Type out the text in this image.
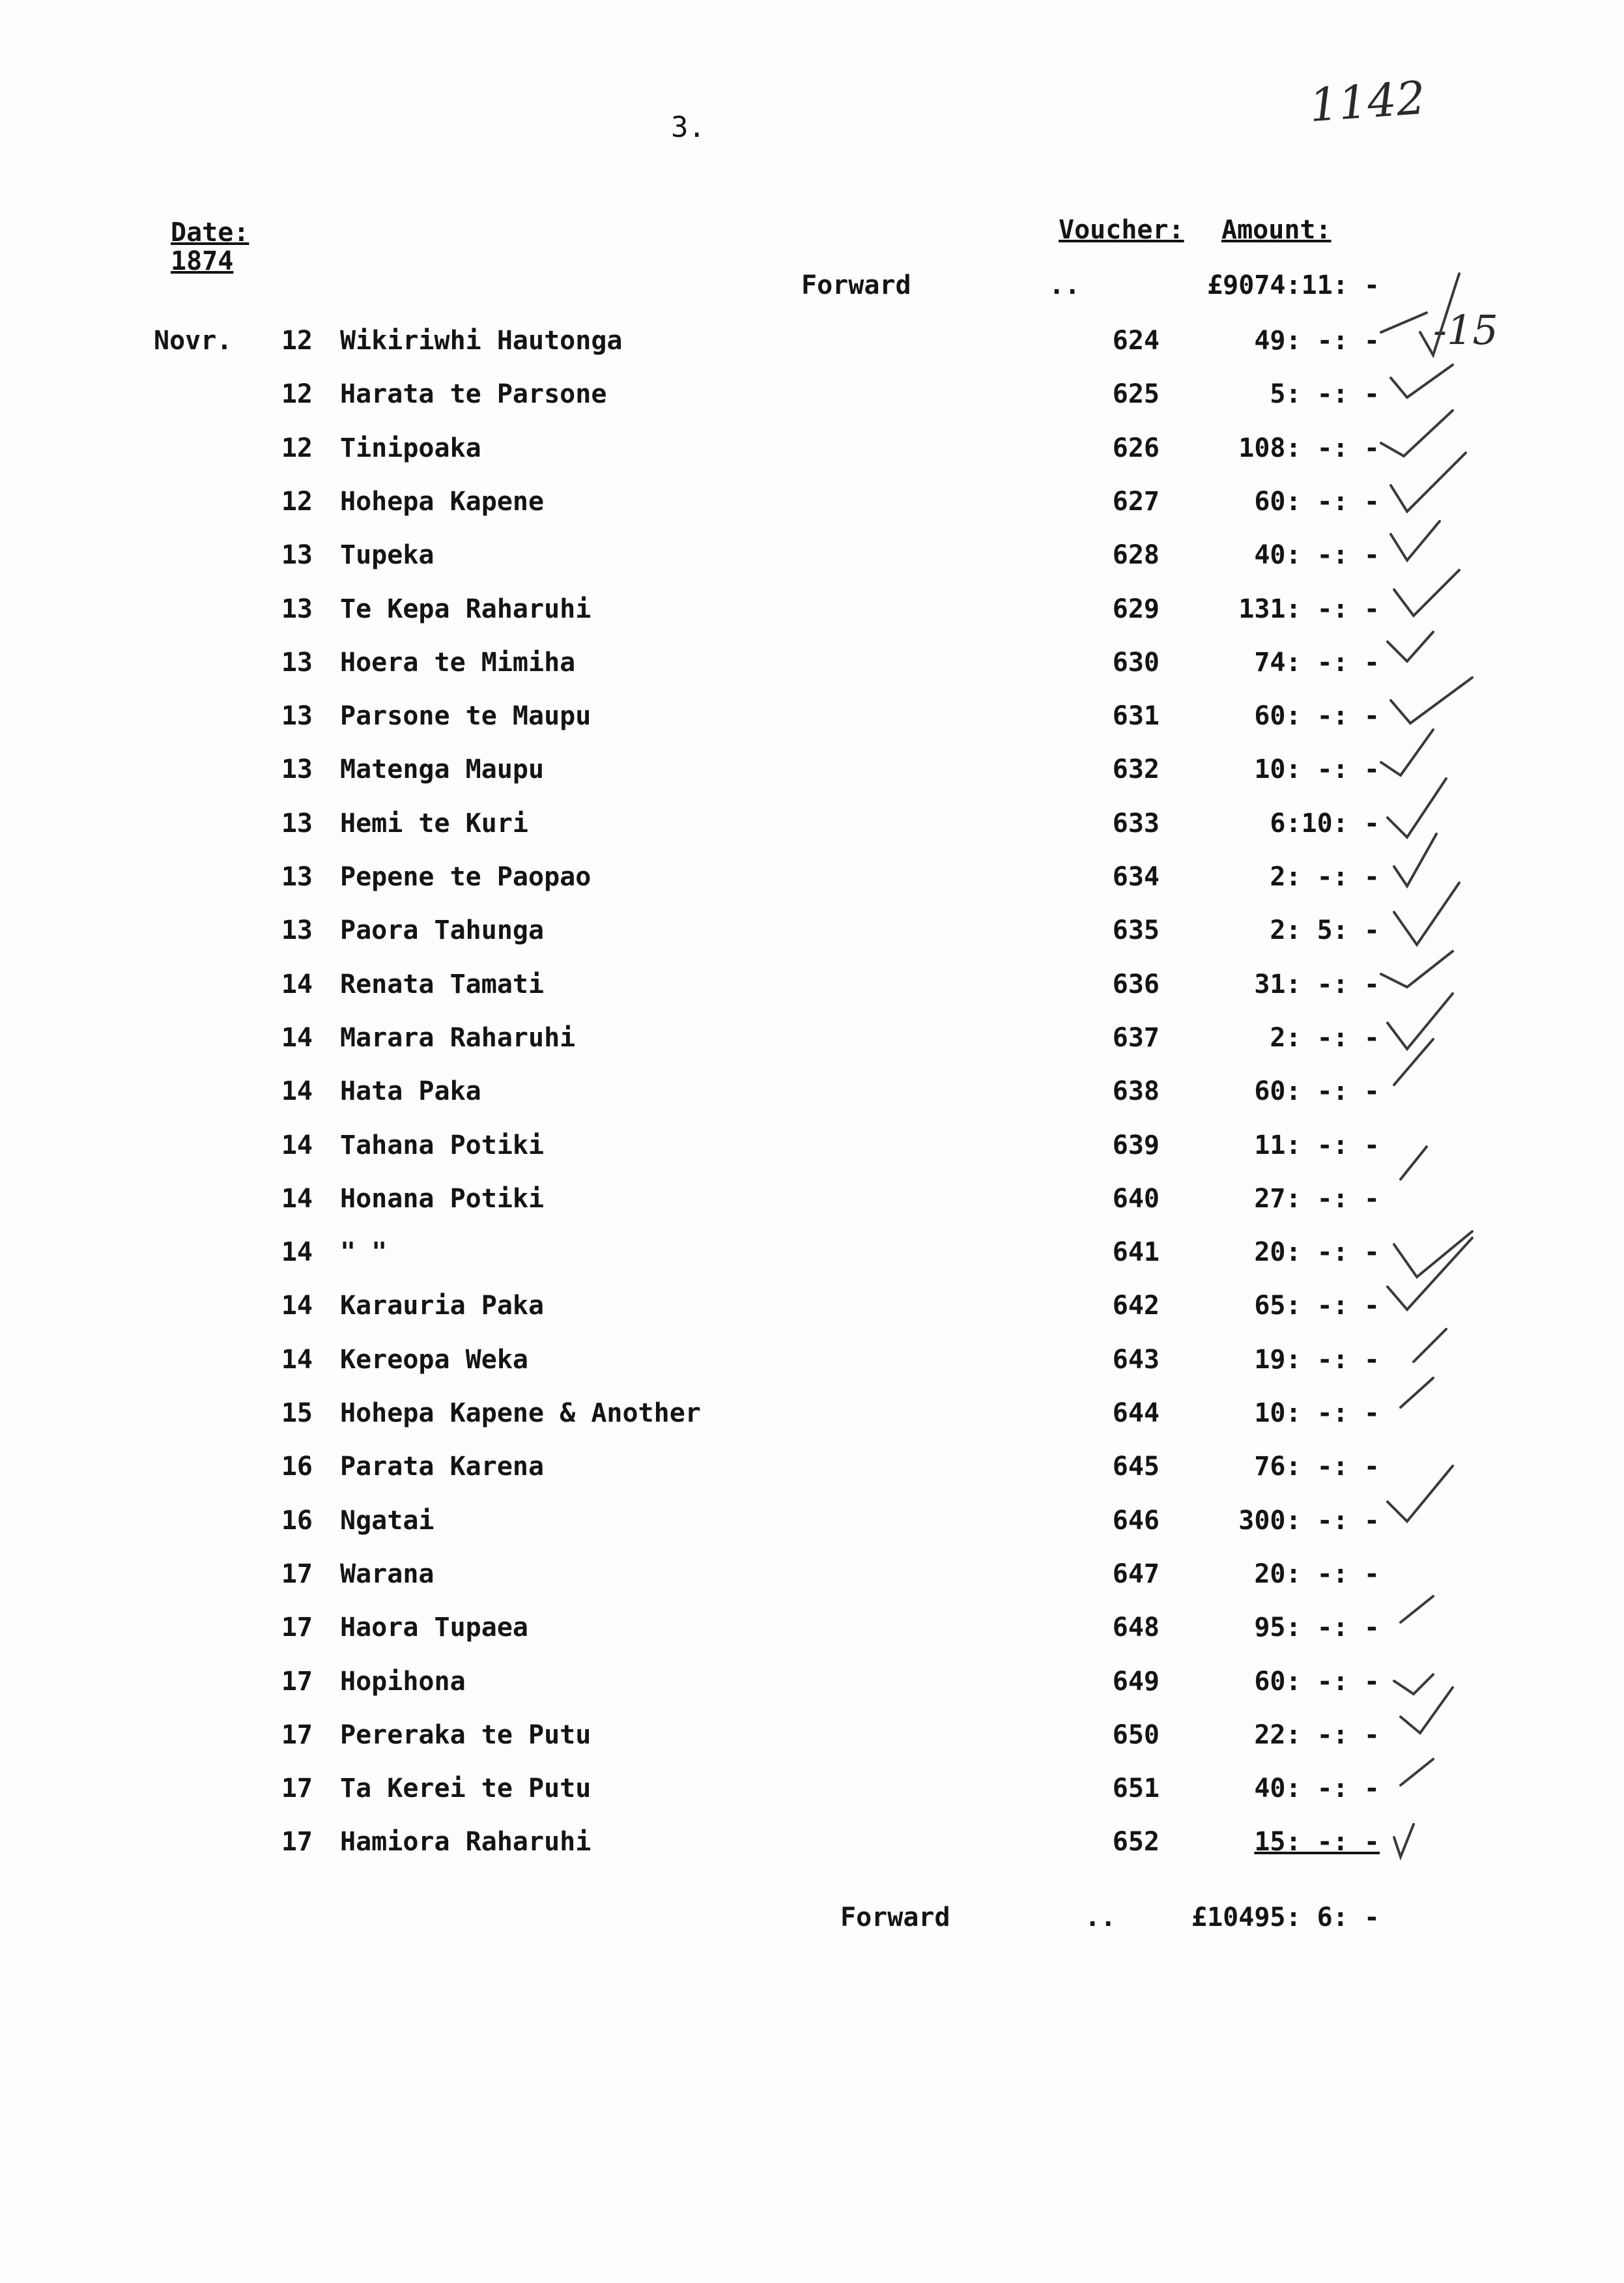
3.	1142
Date:
1874
Voucher: Amount:
Forward	..	£9074:11: -
Novr. 12 Wikiriwhi Hautonga	624	49: -: -
12 Harata te Parsone	625	5: -: -
12 Tinipoaka	626	108: -: -
12 Hohepa Kapene	627	60: -: -
13 Tupeka	628	40: -: -
13 Te Kepa Raharuhi	629	131: -: -
13 Hoera te Mimiha	630	74: -: -
13 Parsone te Maupu	631	60: -: -
13 Matenga Maupu	632	10: -: -
13 Hemi te Kuri	633	6:10: -
13 Pepene te Paopao	634	2: -: -
13 Paora Tahunga	635	2: 5: -
14 Renata Tamati	636	31: -: -
14 Marara Raharuhi	637	2: -: -
14 Hata Paka	638	60: -: -
14 Tahana Potiki	639	11: -: -
14 Honana Potiki	640	27: -: -
14 " "	641	20: -: -
14 Karauria Paka	642	65: -: -
14 Kereopa Weka	643	19: -: -
15 Hohepa Kapene & Another	644	10: -: -
16 Parata Karena	645	76: -: -
16 Ngatai	646	300: -: -
17 Warana	647	20: -: -
17 Haora Tupaea	648	95: -: -
17 Hopihona	649	60: -: -
17 Pereraka te Putu	650	22: -: -
17 Ta Kerei te Putu	651	40: -: -
17 Hamiora Raharuhi	652	15: -: -
Forward	..	£10495: 6: -
-15
